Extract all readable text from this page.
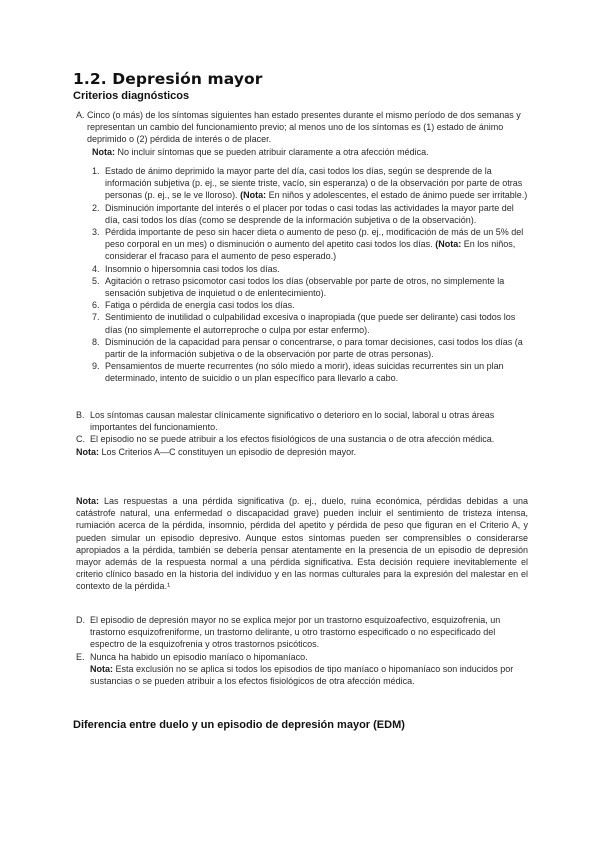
1.2. Depresión mayor
Criterios diagnósticos
A. Cinco (o más) de los síntomas siguientes han estado presentes durante el mismo período de dos semanas y representan un cambio del funcionamiento previo; al menos uno de los síntomas es (1) estado de ánimo deprimido o (2) pérdida de interés o de placer.
Nota: No incluir síntomas que se pueden atribuir claramente a otra afección médica.
1. Estado de ánimo deprimido la mayor parte del día, casi todos los días, según se desprende de la información subjetiva (p. ej., se siente triste, vacío, sin esperanza) o de la observación por parte de otras personas (p. ej., se le ve lloroso). (Nota: En niños y adolescentes, el estado de ánimo puede ser irritable.)
2. Disminución importante del interés o el placer por todas o casi todas las actividades la mayor parte del día, casi todos los días (como se desprende de la información subjetiva o de la observación).
3. Pérdida importante de peso sin hacer dieta o aumento de peso (p. ej., modificación de más de un 5% del peso corporal en un mes) o disminución o aumento del apetito casi todos los días. (Nota: En los niños, considerar el fracaso para el aumento de peso esperado.)
4. Insomnio o hipersomnia casi todos los días.
5. Agitación o retraso psicomotor casi todos los días (observable por parte de otros, no simplemente la sensación subjetiva de inquietud o de enlentecimiento).
6. Fatiga o pérdida de energía casi todos los días.
7. Sentimiento de inutilidad o culpabilidad excesiva o inapropiada (que puede ser delirante) casi todos los días (no simplemente el autorreproche o culpa por estar enfermo).
8. Disminución de la capacidad para pensar o concentrarse, o para tomar decisiones, casi todos los días (a partir de la información subjetiva o de la observación por parte de otras personas).
9. Pensamientos de muerte recurrentes (no sólo miedo a morir), ideas suicidas recurrentes sin un plan determinado, intento de suicidio o un plan específico para llevarlo a cabo.
B. Los síntomas causan malestar clínicamente significativo o deterioro en lo social, laboral u otras áreas importantes del funcionamiento.
C. El episodio no se puede atribuir a los efectos fisiológicos de una sustancia o de otra afección médica.
Nota: Los Criterios A—C constituyen un episodio de depresión mayor.
Nota: Las respuestas a una pérdida significativa (p. ej., duelo, ruina económica, pérdidas debidas a una catástrofe natural, una enfermedad o discapacidad grave) pueden incluir el sentimiento de tristeza intensa, rumiación acerca de la pérdida, insomnio, pérdida del apetito y pérdida de peso que figuran en el Criterio A, y pueden simular un episodio depresivo. Aunque estos síntomas pueden ser comprensibles o considerarse apropiados a la pérdida, también se debería pensar atentamente en la presencia de un episodio de depresión mayor además de la respuesta normal a una pérdida significativa. Esta decisión requiere inevitablemente el criterio clínico basado en la historia del individuo y en las normas culturales para la expresión del malestar en el contexto de la pérdida.¹
D. El episodio de depresión mayor no se explica mejor por un trastorno esquizoafectivo, esquizofrenia, un trastorno esquizofreniforme, un trastorno delirante, u otro trastorno especificado o no especificado del espectro de la esquizofrenia y otros trastornos psicóticos.
E. Nunca ha habido un episodio maníaco o hipomaníaco.
Nota: Esta exclusión no se aplica si todos los episodios de tipo maníaco o hipomaníaco son inducidos por sustancias o se pueden atribuir a los efectos fisiológicos de otra afección médica.
Diferencia entre duelo y un episodio de depresión mayor (EDM)
